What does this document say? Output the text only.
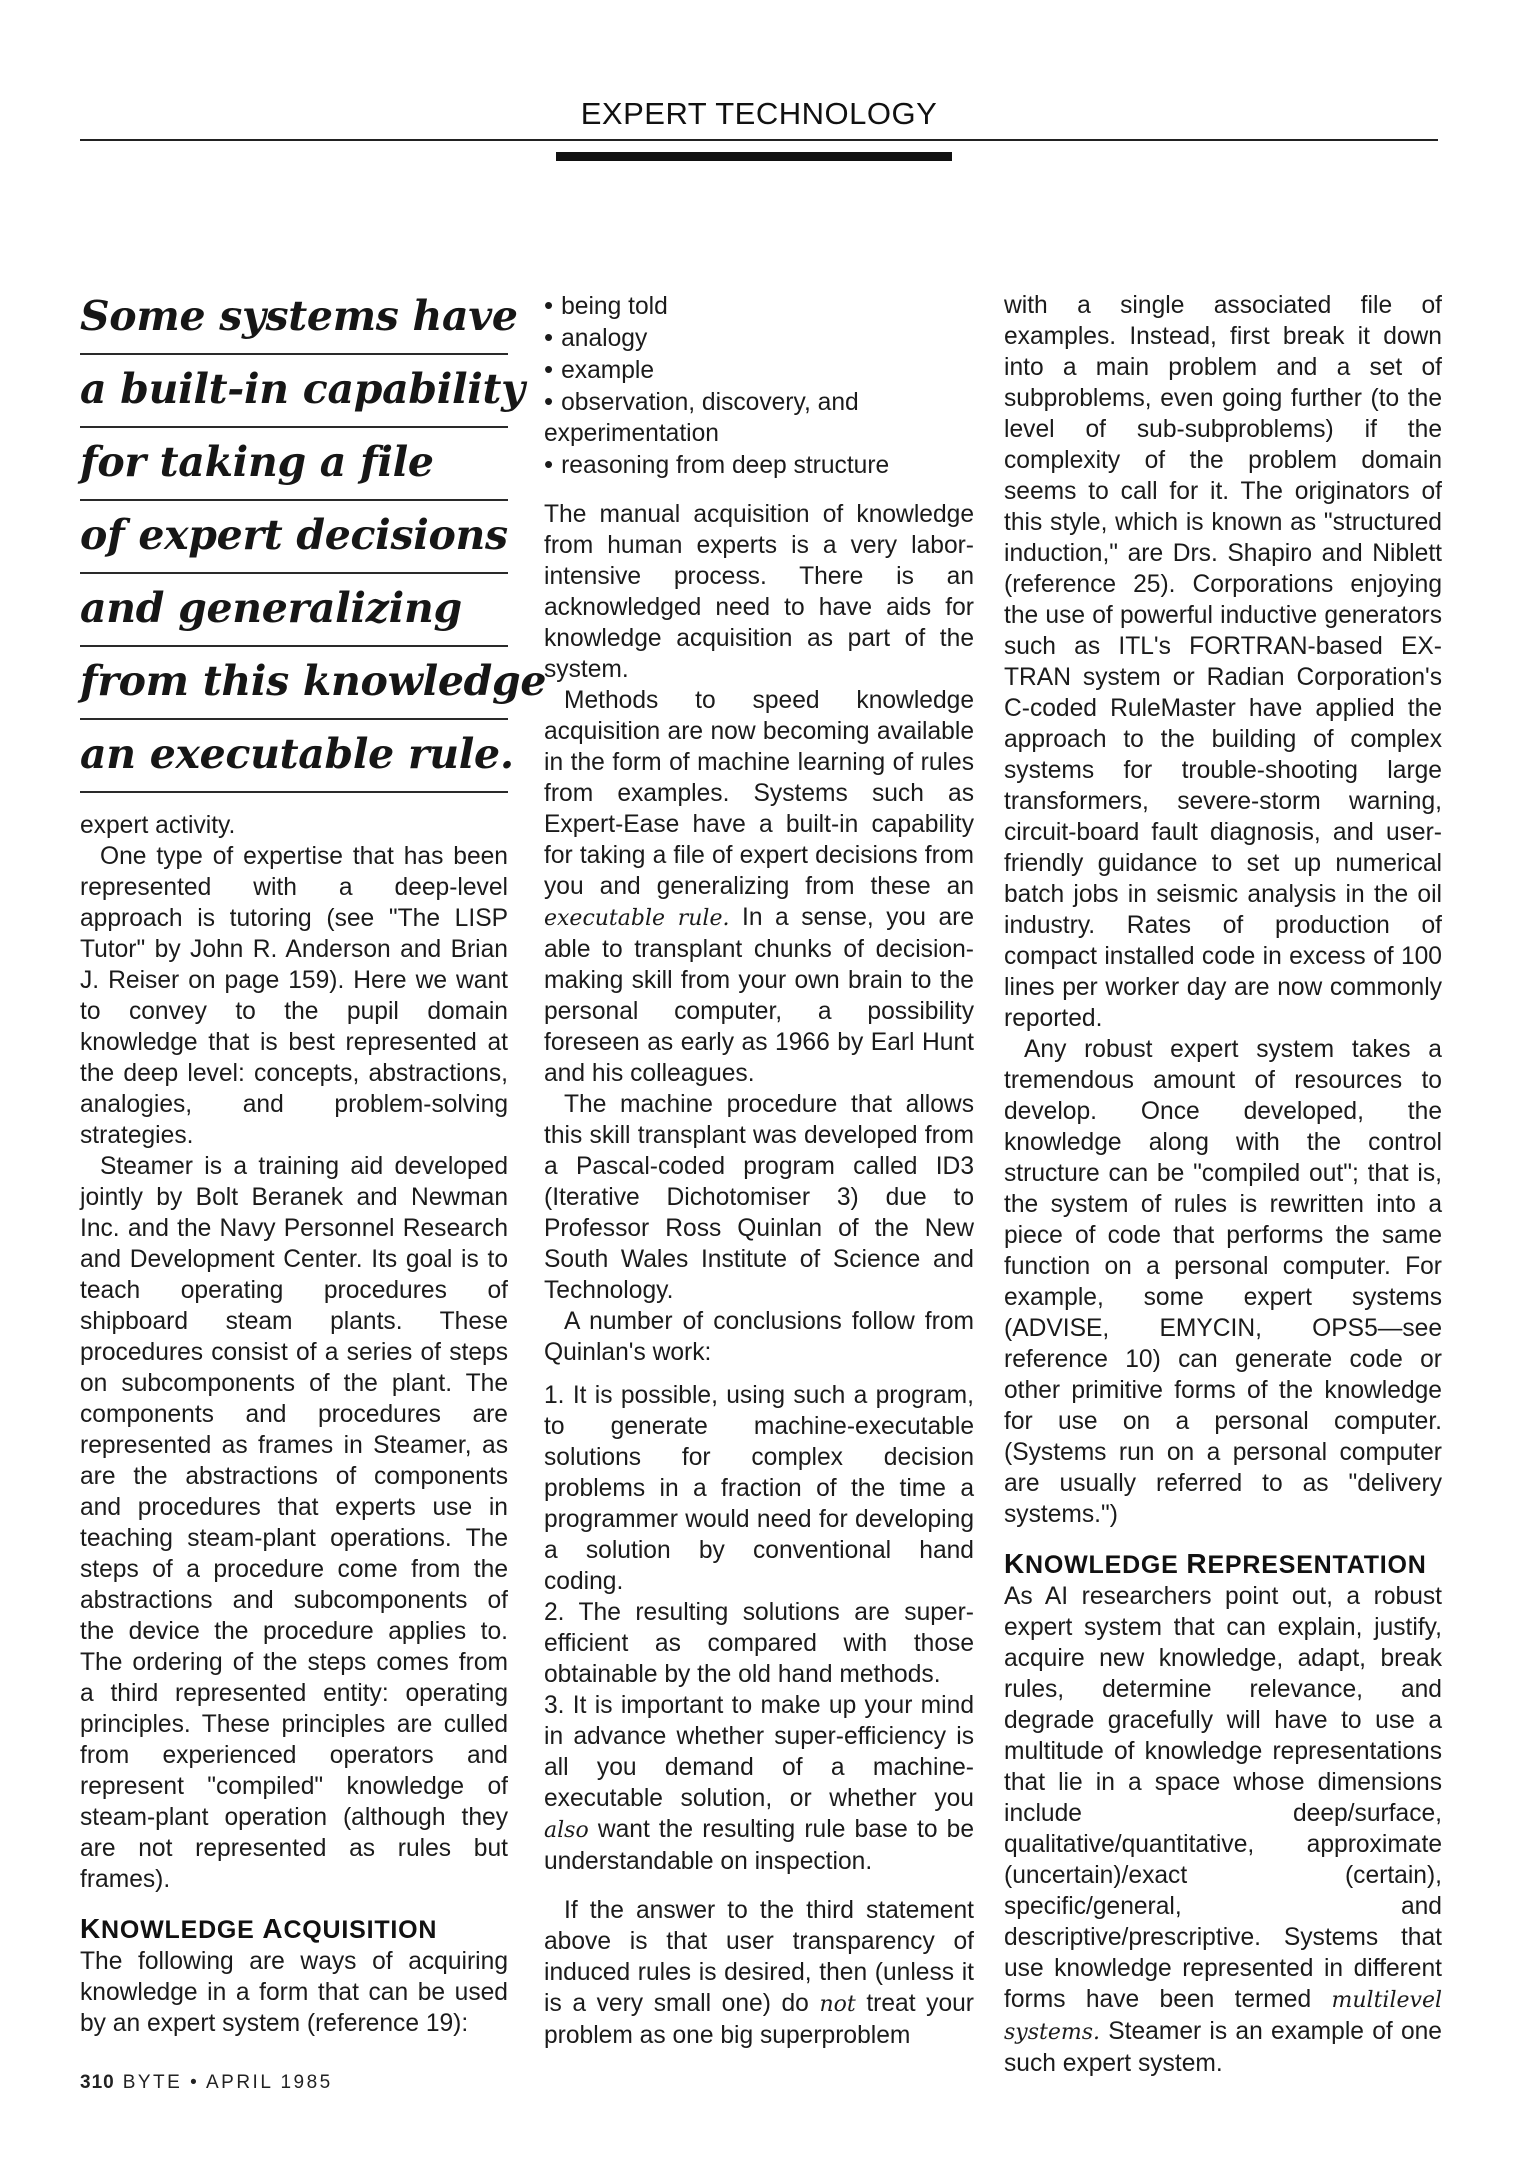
EXPERT TECHNOLOGY
Some systems have
a built-in capability
for taking a file
of expert decisions
and generalizing
from this knowledge
an executable rule.

expert activity.

One type of expertise that has been represented with a deep-level approach is tutoring (see "The LISP Tutor" by John R. Anderson and Brian J. Reiser on page 159). Here we want to convey to the pupil domain knowledge that is best represented at the deep level: concepts, abstractions, analogies, and problem-solving strategies.

Steamer is a training aid developed jointly by Bolt Beranek and Newman Inc. and the Navy Personnel Research and Development Center. Its goal is to teach operating procedures of shipboard steam plants. These procedures consist of a series of steps on subcomponents of the plant. The components and procedures are represented as frames in Steamer, as are the abstractions of components and procedures that experts use in teaching steam-plant operations. The steps of a procedure come from the abstractions and subcomponents of the device the procedure applies to. The ordering of the steps comes from a third represented entity: operating principles. These principles are culled from experienced operators and represent "compiled" knowledge of steam-plant operation (although they are not represented as rules but frames).

KNOWLEDGE ACQUISITION

The following are ways of acquiring knowledge in a form that can be used by an expert system (reference 19):

• being told
• analogy
• example
• observation, discovery, and experimentation
• reasoning from deep structure

The manual acquisition of knowledge from human experts is a very labor-intensive process. There is an acknowledged need to have aids for knowledge acquisition as part of the system.

Methods to speed knowledge acquisition are now becoming available in the form of machine learning of rules from examples. Systems such as Expert-Ease have a built-in capability for taking a file of expert decisions from you and generalizing from these an executable rule. In a sense, you are able to transplant chunks of decision-making skill from your own brain to the personal computer, a possibility foreseen as early as 1966 by Earl Hunt and his colleagues.

The machine procedure that allows this skill transplant was developed from a Pascal-coded program called ID3 (Iterative Dichotomiser 3) due to Professor Ross Quinlan of the New South Wales Institute of Science and Technology.

A number of conclusions follow from Quinlan's work:

1. It is possible, using such a program, to generate machine-executable solutions for complex decision problems in a fraction of the time a programmer would need for developing a solution by conventional hand coding.

2. The resulting solutions are super-efficient as compared with those obtainable by the old hand methods.

3. It is important to make up your mind in advance whether super-efficiency is all you demand of a machine-executable solution, or whether you also want the resulting rule base to be understandable on inspection.

If the answer to the third statement above is that user transparency of induced rules is desired, then (unless it is a very small one) do not treat your problem as one big superproblem

with a single associated file of examples. Instead, first break it down into a main problem and a set of subproblems, even going further (to the level of sub-subproblems) if the complexity of the problem domain seems to call for it. The originators of this style, which is known as "structured induction," are Drs. Shapiro and Niblett (reference 25). Corporations enjoying the use of powerful inductive generators such as ITL's FORTRAN-based EX-TRAN system or Radian Corporation's C-coded RuleMaster have applied the approach to the building of complex systems for trouble-shooting large transformers, severe-storm warning, circuit-board fault diagnosis, and user-friendly guidance to set up numerical batch jobs in seismic analysis in the oil industry. Rates of production of compact installed code in excess of 100 lines per worker day are now commonly reported.

Any robust expert system takes a tremendous amount of resources to develop. Once developed, the knowledge along with the control structure can be "compiled out"; that is, the system of rules is rewritten into a piece of code that performs the same function on a personal computer. For example, some expert systems (ADVISE, EMYCIN, OPS5—see reference 10) can generate code or other primitive forms of the knowledge for use on a personal computer. (Systems run on a personal computer are usually referred to as "delivery systems.")

KNOWLEDGE REPRESENTATION

As AI researchers point out, a robust expert system that can explain, justify, acquire new knowledge, adapt, break rules, determine relevance, and degrade gracefully will have to use a multitude of knowledge representations that lie in a space whose dimensions include deep/surface, qualitative/quantitative, approximate (uncertain)/exact (certain), specific/general, and descriptive/prescriptive. Systems that use knowledge represented in different forms have been termed multilevel systems. Steamer is an example of one such expert system.

310 BYTE • APRIL 1985
